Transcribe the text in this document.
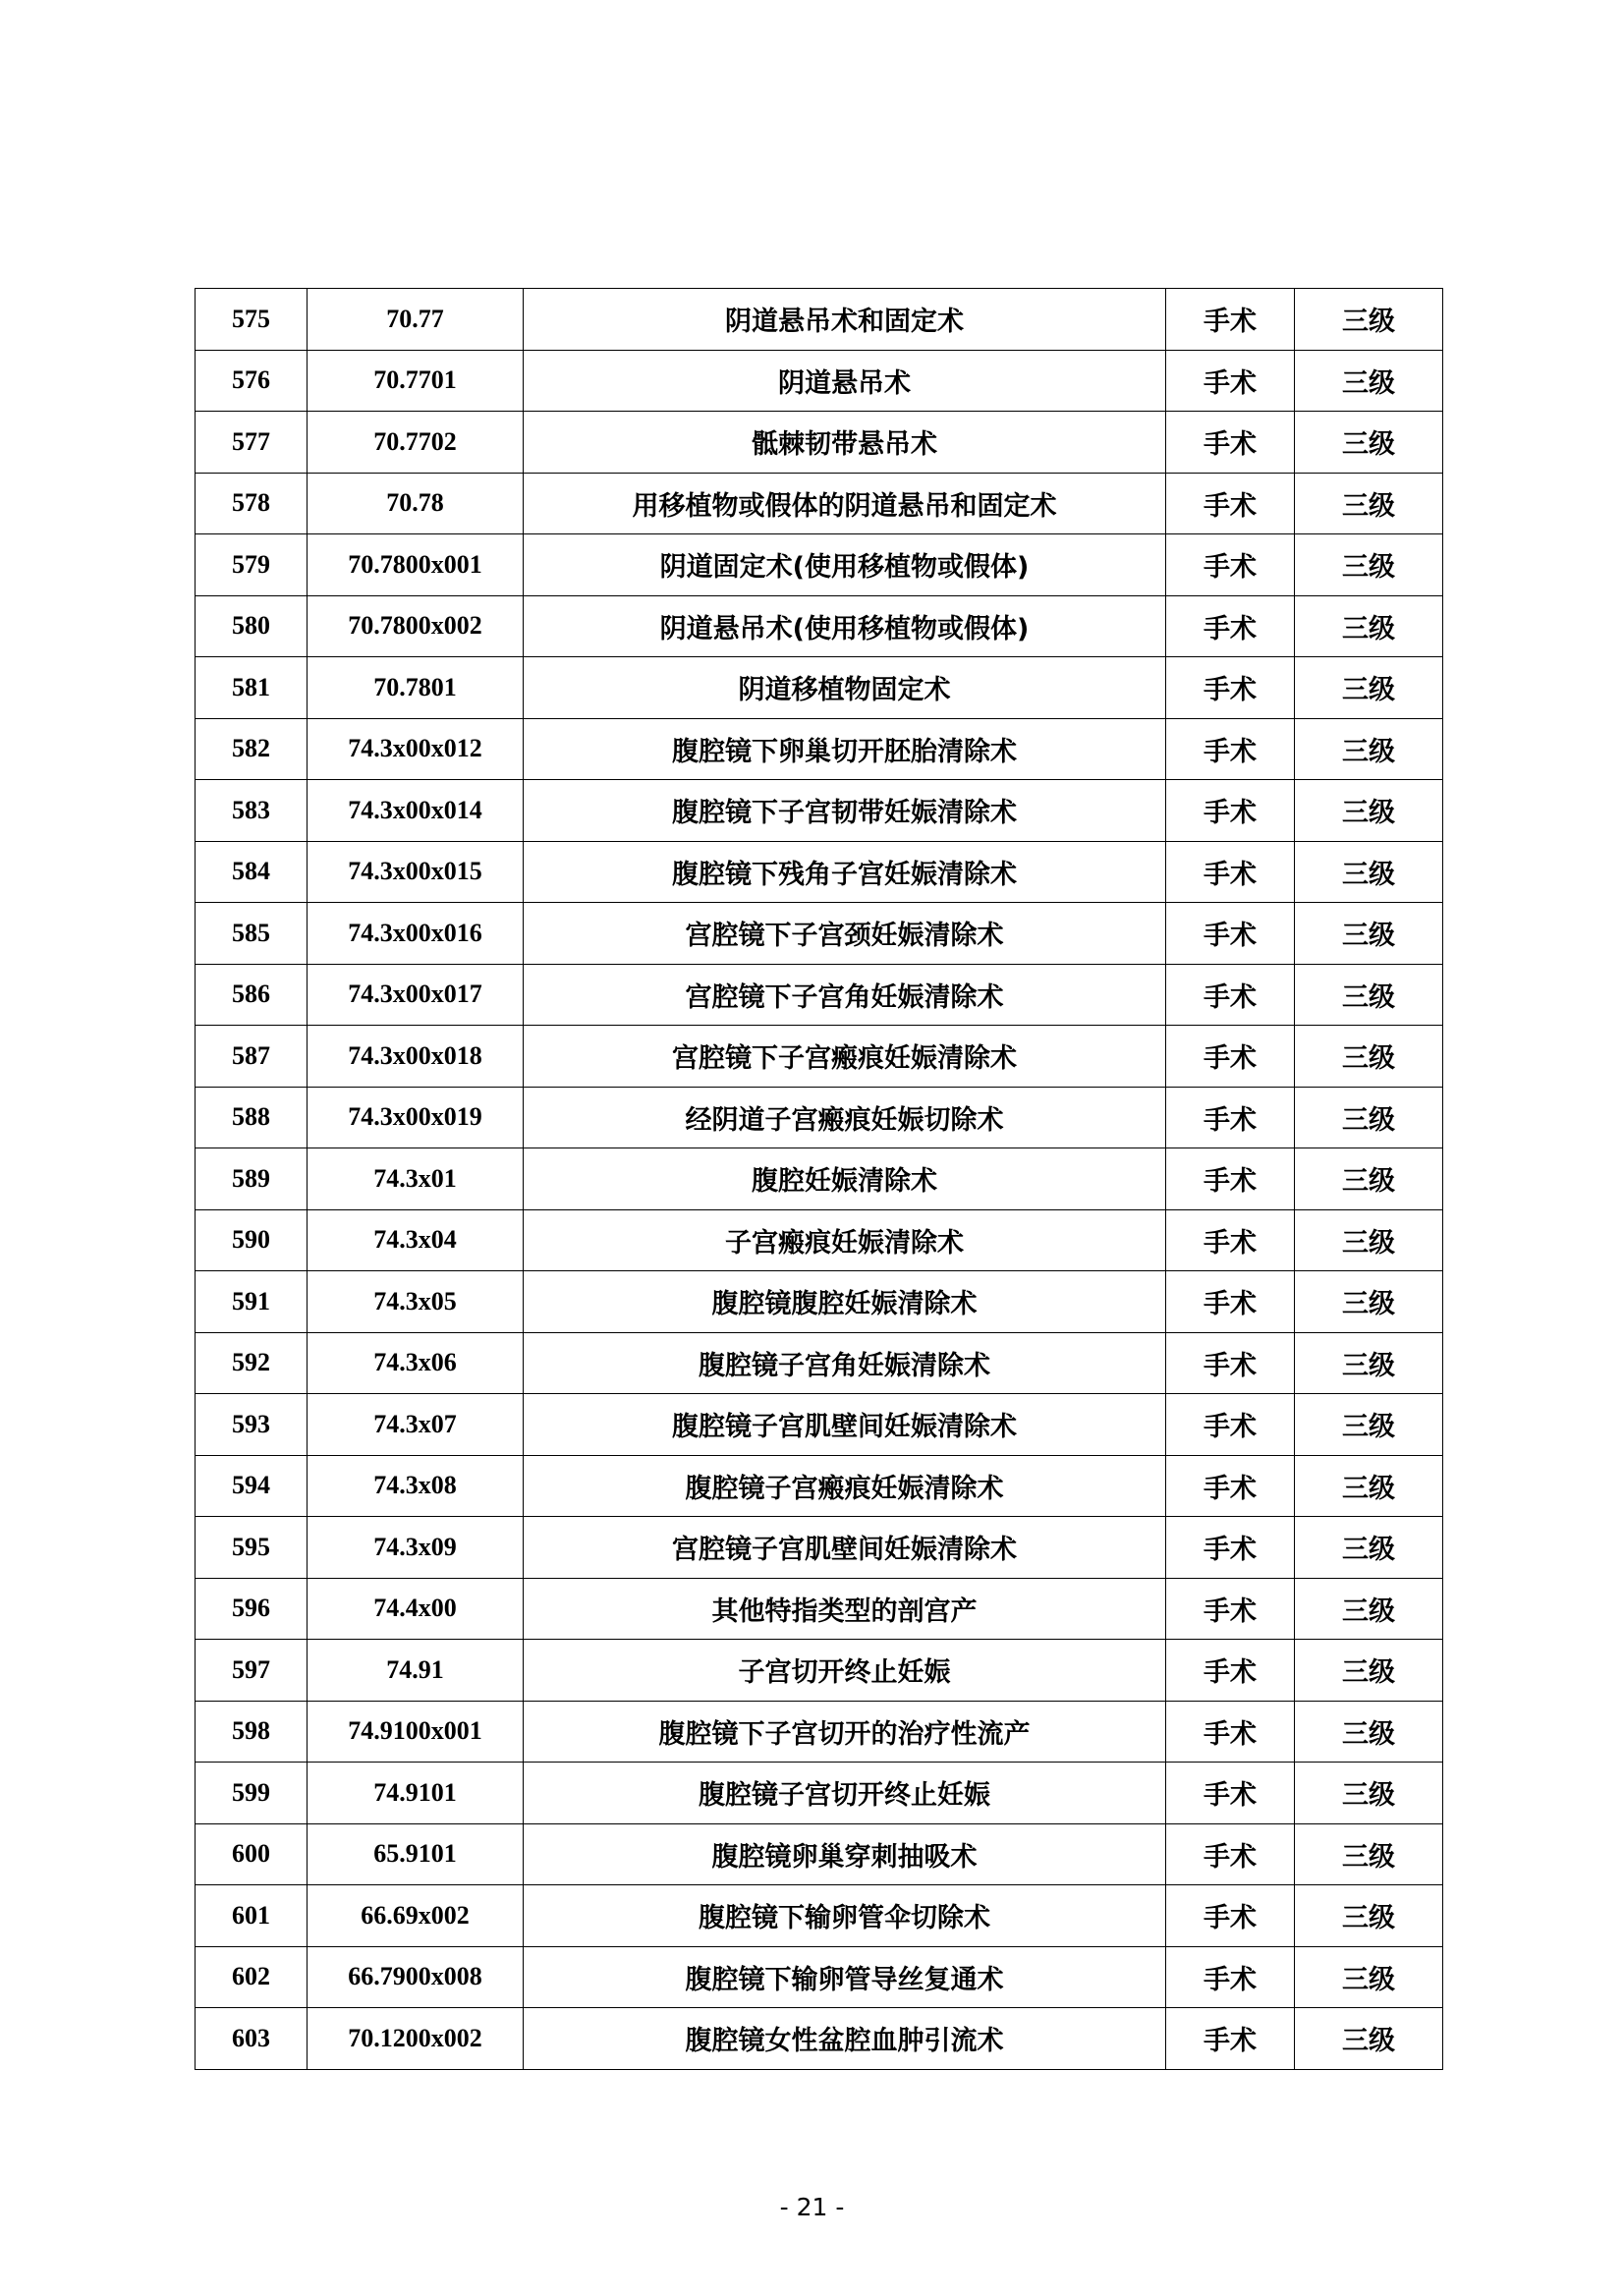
575	70.77	阴道悬吊术和固定术	手术	三级
576	70.7701	阴道悬吊术	手术	三级
577	70.7702	骶棘韧带悬吊术	手术	三级
578	70.78	用移植物或假体的阴道悬吊和固定术	手术	三级
579	70.7800x001	阴道固定术(使用移植物或假体)	手术	三级
580	70.7800x002	阴道悬吊术(使用移植物或假体)	手术	三级
581	70.7801	阴道移植物固定术	手术	三级
582	74.3x00x012	腹腔镜下卵巢切开胚胎清除术	手术	三级
583	74.3x00x014	腹腔镜下子宫韧带妊娠清除术	手术	三级
584	74.3x00x015	腹腔镜下残角子宫妊娠清除术	手术	三级
585	74.3x00x016	宫腔镜下子宫颈妊娠清除术	手术	三级
586	74.3x00x017	宫腔镜下子宫角妊娠清除术	手术	三级
587	74.3x00x018	宫腔镜下子宫瘢痕妊娠清除术	手术	三级
588	74.3x00x019	经阴道子宫瘢痕妊娠切除术	手术	三级
589	74.3x01	腹腔妊娠清除术	手术	三级
590	74.3x04	子宫瘢痕妊娠清除术	手术	三级
591	74.3x05	腹腔镜腹腔妊娠清除术	手术	三级
592	74.3x06	腹腔镜子宫角妊娠清除术	手术	三级
593	74.3x07	腹腔镜子宫肌壁间妊娠清除术	手术	三级
594	74.3x08	腹腔镜子宫瘢痕妊娠清除术	手术	三级
595	74.3x09	宫腔镜子宫肌壁间妊娠清除术	手术	三级
596	74.4x00	其他特指类型的剖宫产	手术	三级
597	74.91	子宫切开终止妊娠	手术	三级
598	74.9100x001	腹腔镜下子宫切开的治疗性流产	手术	三级
599	74.9101	腹腔镜子宫切开终止妊娠	手术	三级
600	65.9101	腹腔镜卵巢穿刺抽吸术	手术	三级
601	66.69x002	腹腔镜下输卵管伞切除术	手术	三级
602	66.7900x008	腹腔镜下输卵管导丝复通术	手术	三级
603	70.1200x002	腹腔镜女性盆腔血肿引流术	手术	三级
- 21 -
